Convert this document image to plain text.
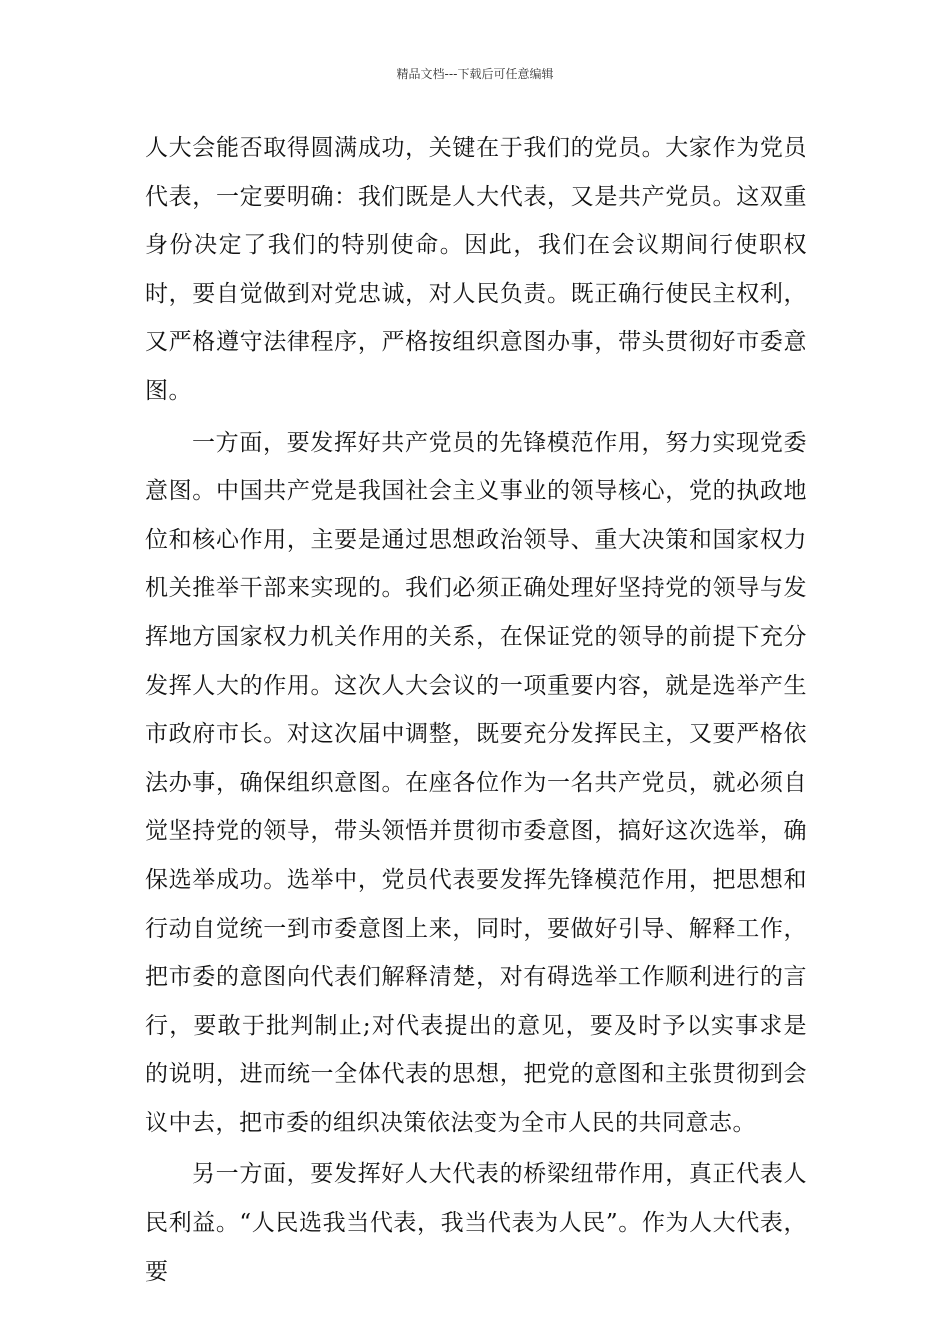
精品文档---下载后可任意编辑

人大会能否取得圆满成功，关键在于我们的党员。大家作为党员代表，一定要明确：我们既是人大代表，又是共产党员。这双重身份决定了我们的特别使命。因此，我们在会议期间行使职权时，要自觉做到对党忠诚，对人民负责。既正确行使民主权利，又严格遵守法律程序，严格按组织意图办事，带头贯彻好市委意图。

一方面，要发挥好共产党员的先锋模范作用，努力实现党委意图。中国共产党是我国社会主义事业的领导核心，党的执政地位和核心作用，主要是通过思想政治领导、重大决策和国家权力机关推举干部来实现的。我们必须正确处理好坚持党的领导与发挥地方国家权力机关作用的关系，在保证党的领导的前提下充分发挥人大的作用。这次人大会议的一项重要内容，就是选举产生市政府市长。对这次届中调整，既要充分发挥民主，又要严格依法办事，确保组织意图。在座各位作为一名共产党员，就必须自觉坚持党的领导，带头领悟并贯彻市委意图，搞好这次选举，确保选举成功。选举中，党员代表要发挥先锋模范作用，把思想和行动自觉统一到市委意图上来，同时，要做好引导、解释工作，把市委的意图向代表们解释清楚，对有碍选举工作顺利进行的言行，要敢于批判制止;对代表提出的意见，要及时予以实事求是的说明，进而统一全体代表的思想，把党的意图和主张贯彻到会议中去，把市委的组织决策依法变为全市人民的共同意志。

另一方面，要发挥好人大代表的桥梁纽带作用，真正代表人民利益。“人民选我当代表，我当代表为人民”。作为人大代表，要
